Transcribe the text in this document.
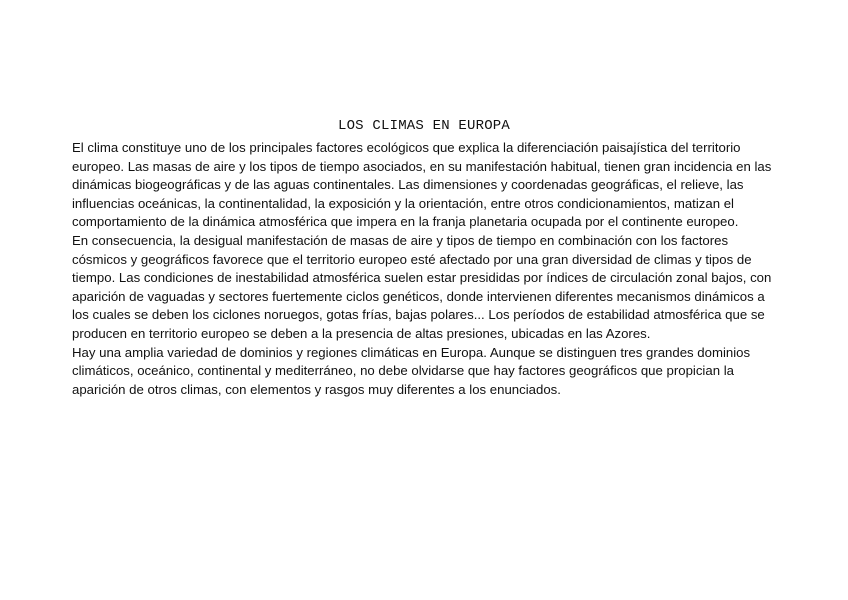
LOS CLIMAS EN EUROPA

El clima constituye uno de los principales factores ecológicos que explica la diferenciación paisajística del territorio europeo. Las masas de aire y los tipos de tiempo asociados, en su manifestación habitual, tienen gran incidencia en las dinámicas biogeográficas y de las aguas continentales. Las dimensiones y coordenadas geográficas, el relieve, las influencias oceánicas, la continentalidad, la exposición y la orientación, entre otros condicionamientos, matizan el comportamiento de la dinámica atmosférica que impera en la franja planetaria ocupada por el continente europeo.

En consecuencia, la desigual manifestación de masas de aire y tipos de tiempo en combinación con los factores cósmicos y geográficos favorece que el territorio europeo esté afectado por una gran diversidad de climas y tipos de tiempo. Las condiciones de inestabilidad atmosférica suelen estar presididas por índices de circulación zonal bajos, con aparición de vaguadas y sectores fuertemente ciclos genéticos, donde intervienen diferentes mecanismos dinámicos a los cuales se deben los ciclones noruegos, gotas frías, bajas polares... Los períodos de estabilidad atmosférica que se producen en territorio europeo se deben a la presencia de altas presiones, ubicadas en las Azores.

Hay una amplia variedad de dominios y regiones climáticas en Europa. Aunque se distinguen tres grandes dominios climáticos, oceánico, continental y mediterráneo, no debe olvidarse que hay factores geográficos que propician la aparición de otros climas, con elementos y rasgos muy diferentes a los enunciados.
